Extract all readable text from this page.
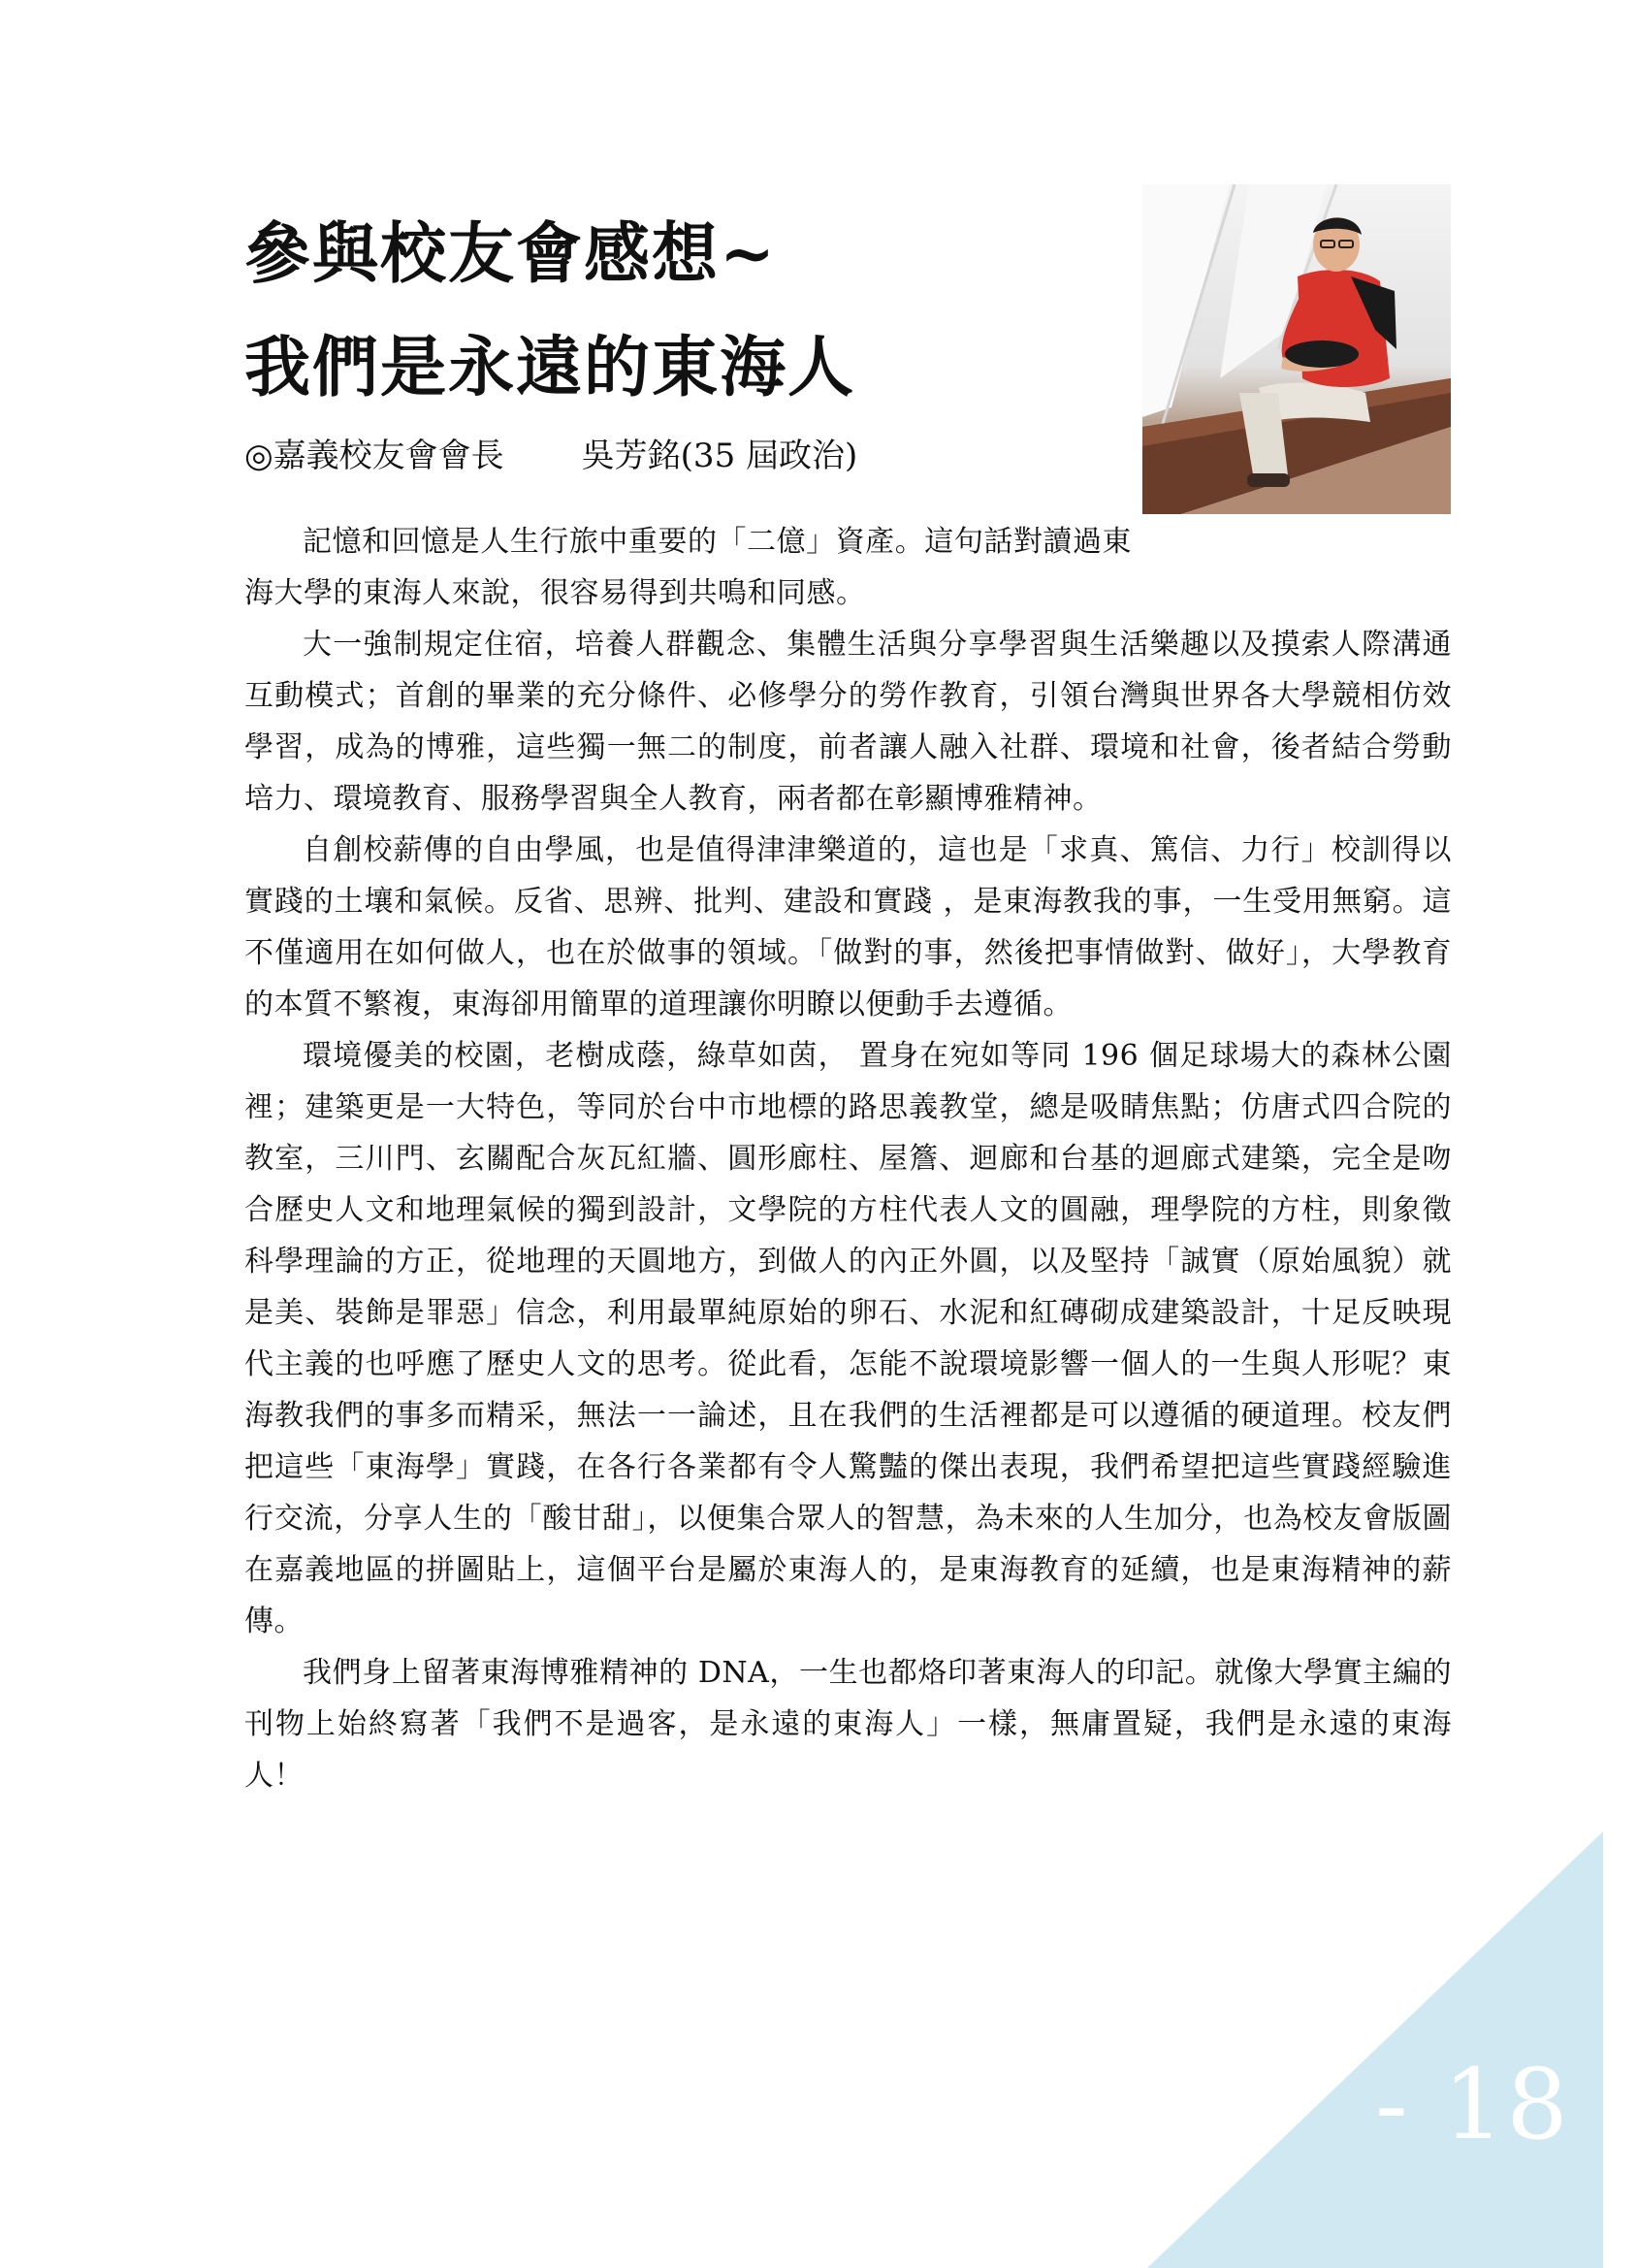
參與校友會感想~
我們是永遠的東海人
◎嘉義校友會會長 吳芳銘(35 屆政治)

記憶和回憶是人生行旅中重要的「二億」資產。這句話對讀過東海大學的東海人來說，很容易得到共鳴和同感。

大一強制規定住宿，培養人群觀念、集體生活與分享學習與生活樂趣以及摸索人際溝通互動模式；首創的畢業的充分條件、必修學分的勞作教育，引領台灣與世界各大學競相仿效學習，成為的博雅，這些獨一無二的制度，前者讓人融入社群、環境和社會，後者結合勞動培力、環境教育、服務學習與全人教育，兩者都在彰顯博雅精神。

自創校薪傳的自由學風，也是值得津津樂道的，這也是「求真、篤信、力行」校訓得以實踐的土壤和氣候。反省、思辨、批判、建設和實踐 ，是東海教我的事，一生受用無窮。這不僅適用在如何做人，也在於做事的領域。「做對的事，然後把事情做對、做好」，大學教育的本質不繁複，東海卻用簡單的道理讓你明瞭以便動手去遵循。

環境優美的校園，老樹成蔭，綠草如茵， 置身在宛如等同 196 個足球場大的森林公園裡；建築更是一大特色，等同於台中市地標的路思義教堂，總是吸睛焦點；仿唐式四合院的教室，三川門、玄關配合灰瓦紅牆、圓形廊柱、屋簷、迴廊和台基的迴廊式建築，完全是吻合歷史人文和地理氣候的獨到設計，文學院的方柱代表人文的圓融，理學院的方柱，則象徵科學理論的方正，從地理的天圓地方，到做人的內正外圓，以及堅持「誠實（原始風貌）就是美、裝飾是罪惡」信念，利用最單純原始的卵石、水泥和紅磚砌成建築設計，十足反映現代主義的也呼應了歷史人文的思考。從此看，怎能不說環境影響一個人的一生與人形呢？東海教我們的事多而精采，無法一一論述，且在我們的生活裡都是可以遵循的硬道理。校友們把這些「東海學」實踐，在各行各業都有令人驚豔的傑出表現，我們希望把這些實踐經驗進行交流，分享人生的「酸甘甜」，以便集合眾人的智慧，為未來的人生加分，也為校友會版圖在嘉義地區的拼圖貼上，這個平台是屬於東海人的，是東海教育的延續，也是東海精神的薪傳。

我們身上留著東海博雅精神的 DNA，一生也都烙印著東海人的印記。就像大學實主編的刊物上始終寫著「我們不是過客，是永遠的東海人」一樣，無庸置疑，我們是永遠的東海人！

- 18 -
